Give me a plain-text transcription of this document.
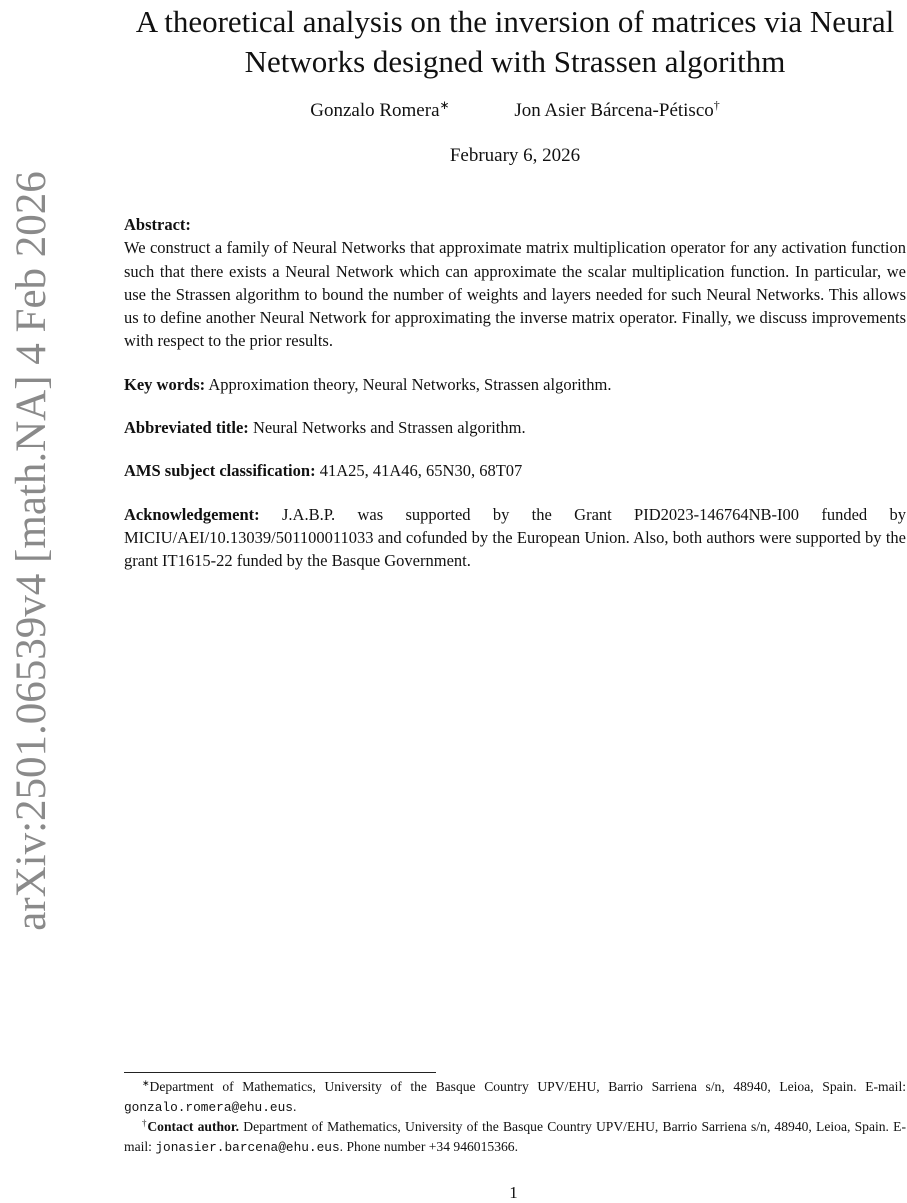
arXiv:2501.06539v4 [math.NA] 4 Feb 2026
A theoretical analysis on the inversion of matrices via Neural
Networks designed with Strassen algorithm
Gonzalo Romera∗	Jon Asier Bárcena-Pétisco†
February 6, 2026

Abstract:
We construct a family of Neural Networks that approximate matrix multiplication operator for any activation function such that there exists a Neural Network which can approximate the scalar multiplication function. In particular, we use the Strassen algorithm to bound the number of weights and layers needed for such Neural Networks. This allows us to define another Neural Network for approximating the inverse matrix operator. Finally, we discuss improvements with respect to the prior results.

Key words: Approximation theory, Neural Networks, Strassen algorithm.

Abbreviated title: Neural Networks and Strassen algorithm.

AMS subject classification: 41A25, 41A46, 65N30, 68T07

Acknowledgement: J.A.B.P. was supported by the Grant PID2023-146764NB-I00 funded by MICIU/AEI/10.13039/501100011033 and cofunded by the European Union. Also, both authors were supported by the grant IT1615-22 funded by the Basque Government.

∗Department of Mathematics, University of the Basque Country UPV/EHU, Barrio Sarriena s/n, 48940, Leioa, Spain. E-mail: gonzalo.romera@ehu.eus.

†Contact author. Department of Mathematics, University of the Basque Country UPV/EHU, Barrio Sarriena s/n, 48940, Leioa, Spain. E-mail: jonasier.barcena@ehu.eus. Phone number +34 946015366.

1
